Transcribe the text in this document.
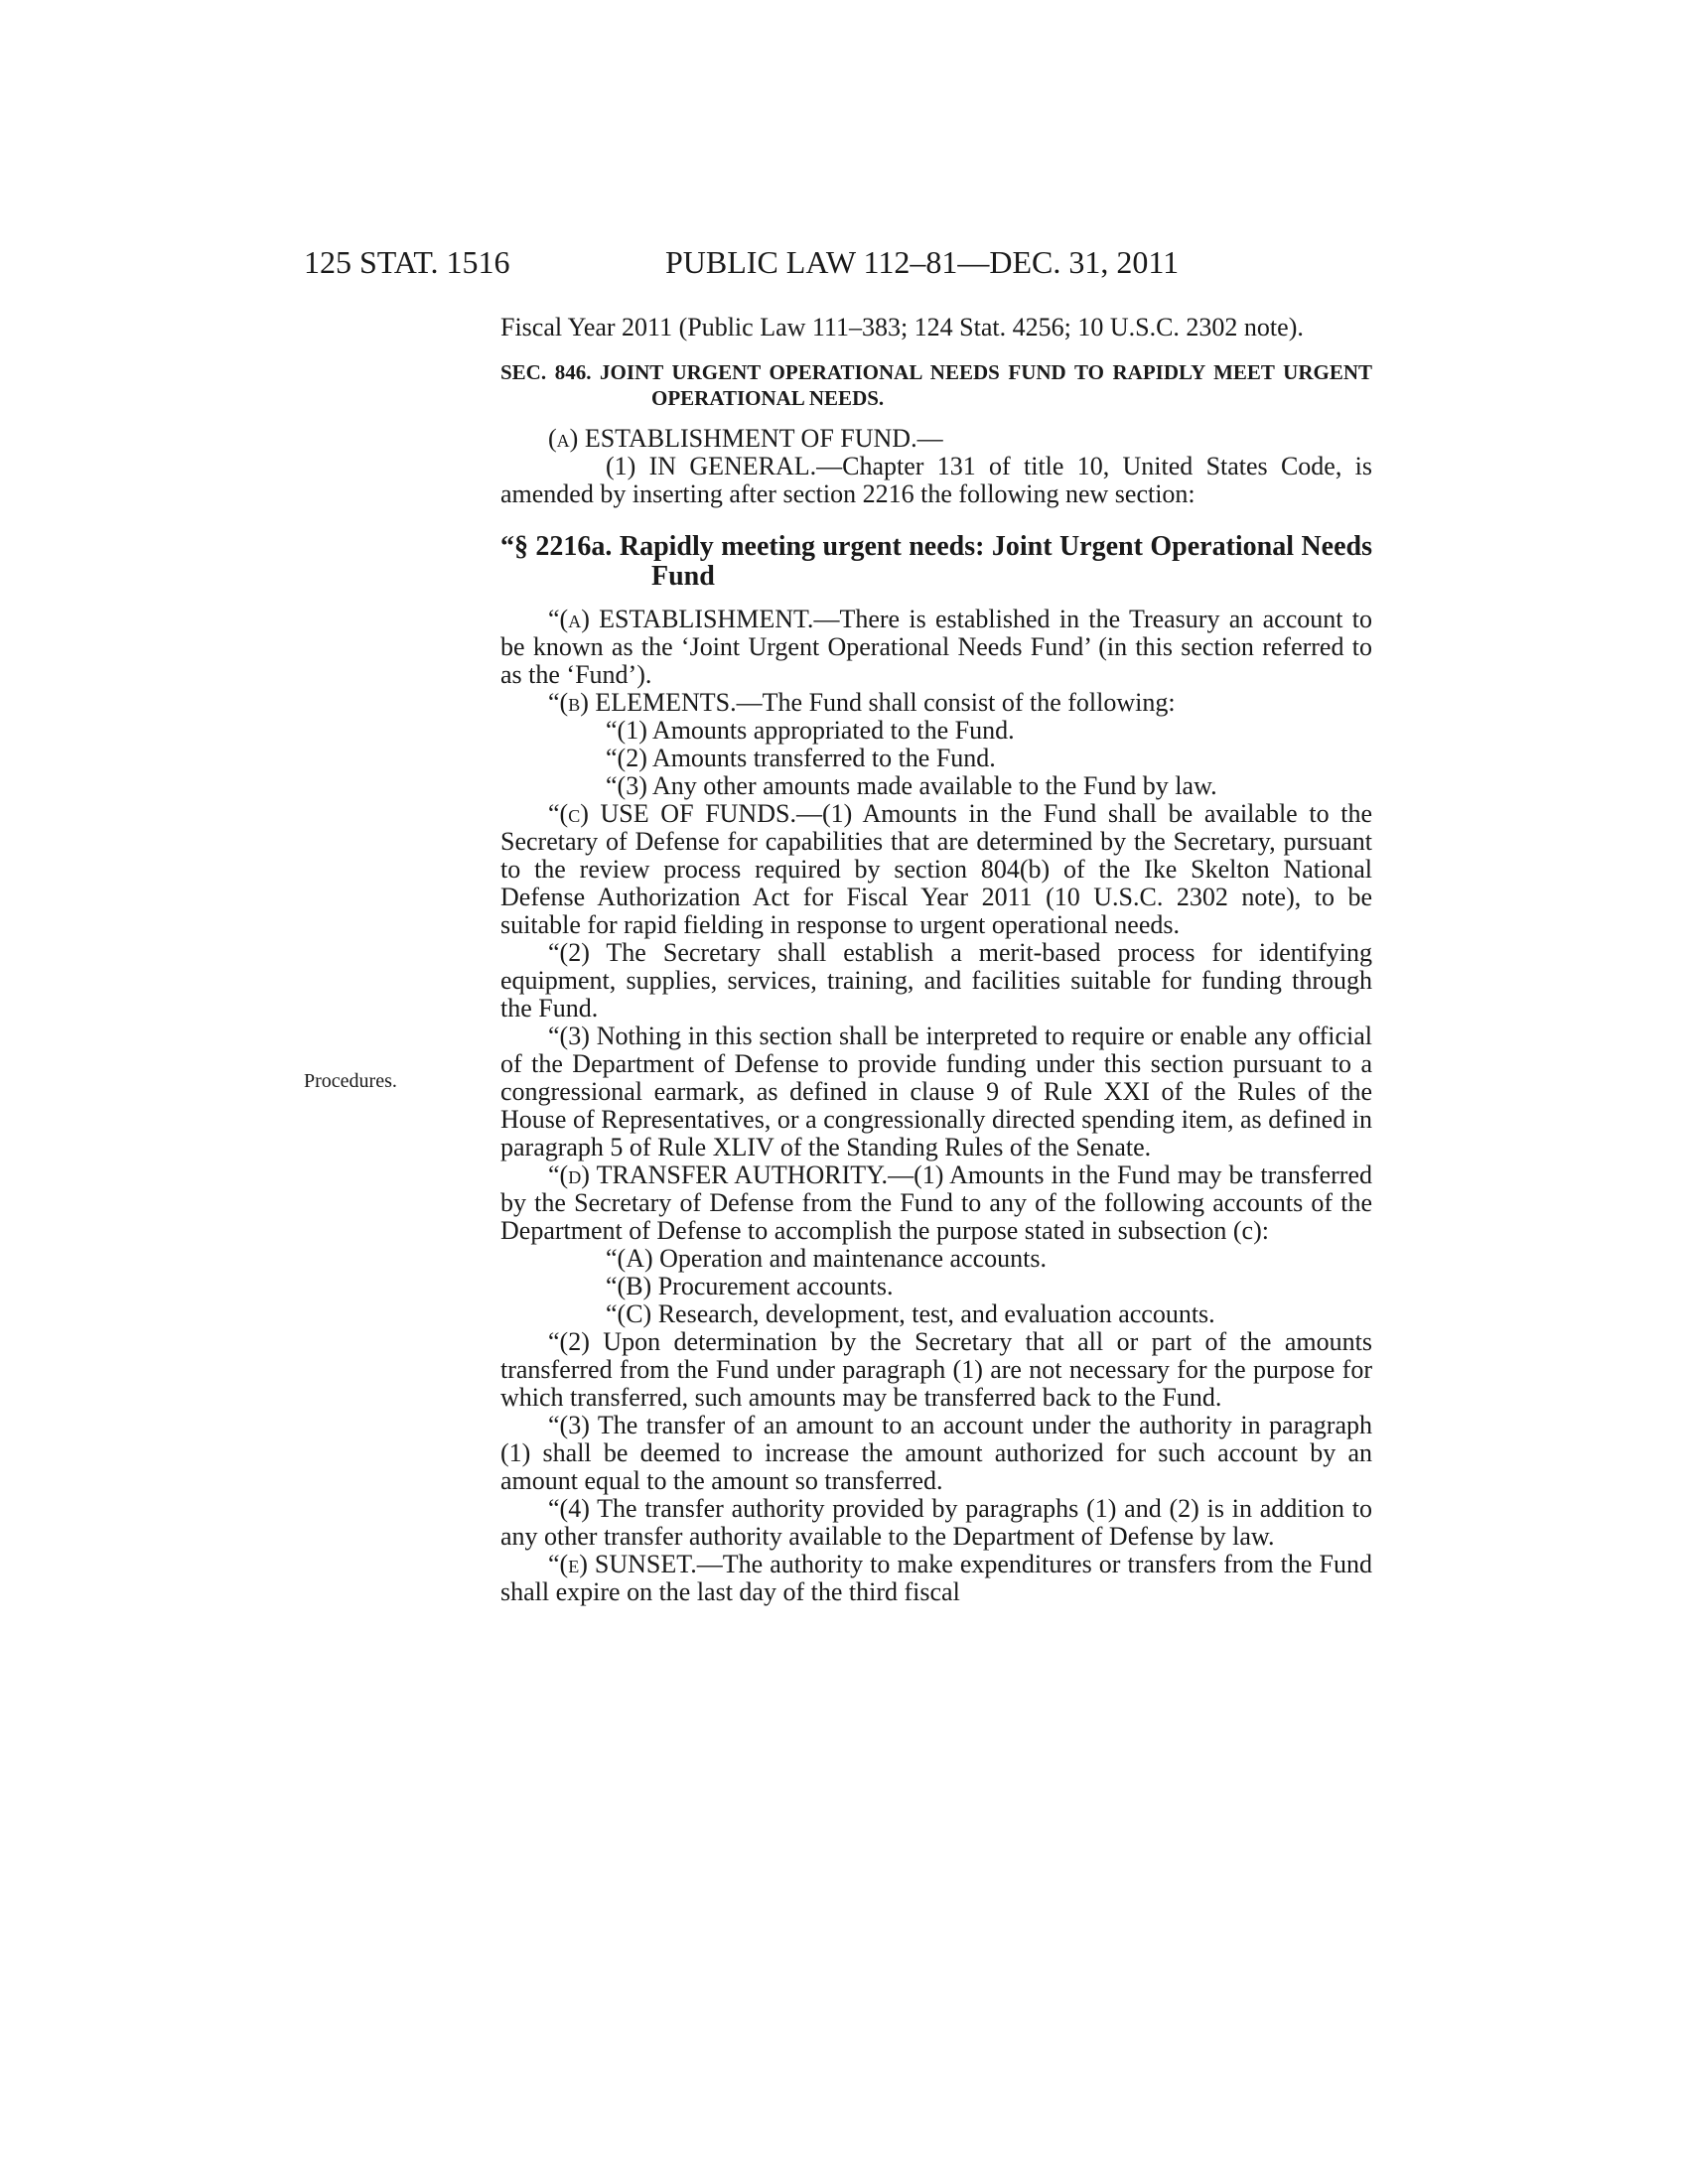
125 STAT. 1516	PUBLIC LAW 112–81—DEC. 31, 2011
Procedures.

Fiscal Year 2011 (Public Law 111–383; 124 Stat. 4256; 10 U.S.C. 2302 note).

SEC. 846. JOINT URGENT OPERATIONAL NEEDS FUND TO RAPIDLY MEET URGENT OPERATIONAL NEEDS.

(a) ESTABLISHMENT OF FUND.—

(1) IN GENERAL.—Chapter 131 of title 10, United States Code, is amended by inserting after section 2216 the following new section:

“§ 2216a. Rapidly meeting urgent needs: Joint Urgent Operational Needs Fund

“(a) ESTABLISHMENT.—There is established in the Treasury an account to be known as the ‘Joint Urgent Operational Needs Fund’ (in this section referred to as the ‘Fund’).

“(b) ELEMENTS.—The Fund shall consist of the following:

“(1) Amounts appropriated to the Fund.

“(2) Amounts transferred to the Fund.

“(3) Any other amounts made available to the Fund by law.

“(c) USE OF FUNDS.—(1) Amounts in the Fund shall be available to the Secretary of Defense for capabilities that are determined by the Secretary, pursuant to the review process required by section 804(b) of the Ike Skelton National Defense Authorization Act for Fiscal Year 2011 (10 U.S.C. 2302 note), to be suitable for rapid fielding in response to urgent operational needs.

“(2) The Secretary shall establish a merit-based process for identifying equipment, supplies, services, training, and facilities suitable for funding through the Fund.

“(3) Nothing in this section shall be interpreted to require or enable any official of the Department of Defense to provide funding under this section pursuant to a congressional earmark, as defined in clause 9 of Rule XXI of the Rules of the House of Representatives, or a congressionally directed spending item, as defined in paragraph 5 of Rule XLIV of the Standing Rules of the Senate.

“(d) TRANSFER AUTHORITY.—(1) Amounts in the Fund may be transferred by the Secretary of Defense from the Fund to any of the following accounts of the Department of Defense to accomplish the purpose stated in subsection (c):

“(A) Operation and maintenance accounts.

“(B) Procurement accounts.

“(C) Research, development, test, and evaluation accounts.

“(2) Upon determination by the Secretary that all or part of the amounts transferred from the Fund under paragraph (1) are not necessary for the purpose for which transferred, such amounts may be transferred back to the Fund.

“(3) The transfer of an amount to an account under the authority in paragraph (1) shall be deemed to increase the amount authorized for such account by an amount equal to the amount so transferred.

“(4) The transfer authority provided by paragraphs (1) and (2) is in addition to any other transfer authority available to the Department of Defense by law.

“(e) SUNSET.—The authority to make expenditures or transfers from the Fund shall expire on the last day of the third fiscal
